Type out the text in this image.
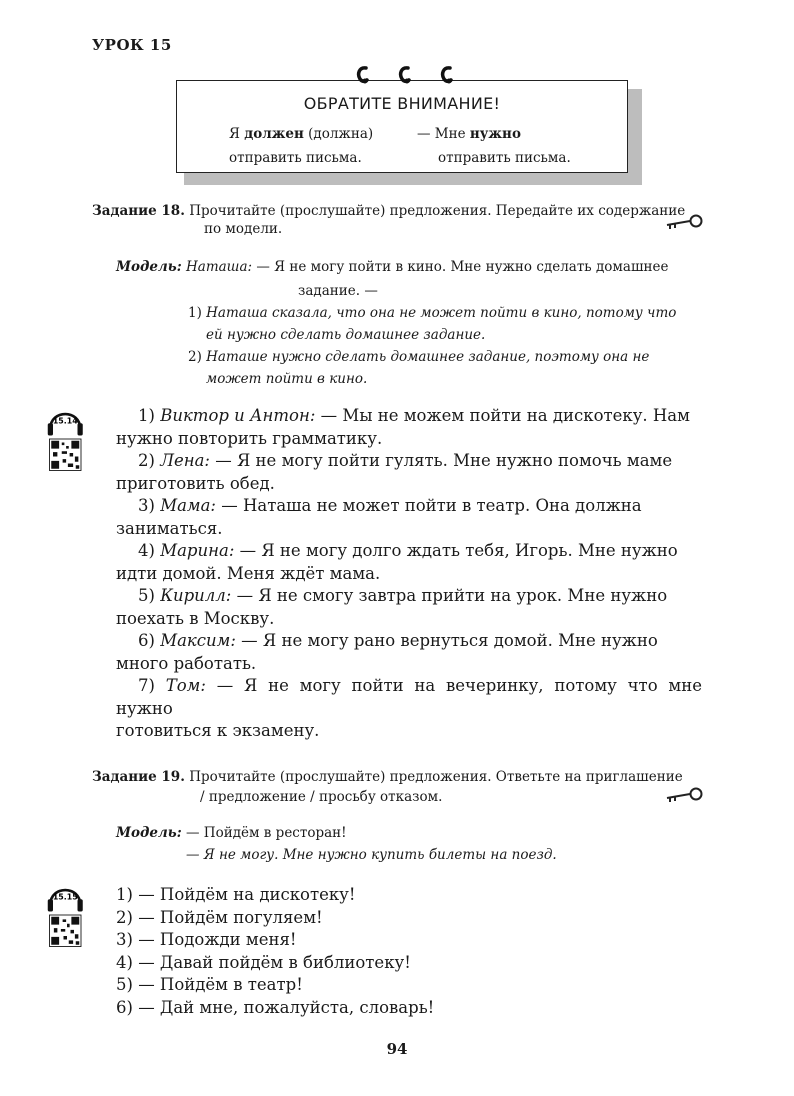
УРОК 15
ОБРАТИТЕ ВНИМАНИЕ!
Я должен (должна)
отправить письма.
— Мне нужно
отправить письма.
Задание 18. Прочитайте (прослушайте) предложения. Передайте их содержание
по модели.
Модель: Наташа: — Я не могу пойти в кино. Мне нужно сделать домашнее
задание. —
1) Наташа сказала, что она не может пойти в кино, потому что
ей нужно сделать домашнее задание.
2) Наташе нужно сделать домашнее задание, поэтому она не
может пойти в кино.
15.14	1) Виктор и Антон: — Мы не можем пойти на дискотеку. Нам
нужно повторить грамматику.

2) Лена: — Я не могу пойти гулять. Мне нужно помочь маме
приготовить обед.

3) Мама: — Наташа не может пойти в театр. Она должна
заниматься.

4) Марина: — Я не могу долго ждать тебя, Игорь. Мне нужно
идти домой. Меня ждёт мама.

5) Кирилл: — Я не смогу завтра прийти на урок. Мне нужно
поехать в Москву.

6) Максим: — Я не могу рано вернуться домой. Мне нужно
много работать.

7) Том: — Я не могу пойти на вечеринку, потому что мне нужно
готовиться к экзамену.

Задание 19. Прочитайте (прослушайте) предложения. Ответьте на приглашение
/ предложение / просьбу отказом.
Модель: — Пойдём в ресторан!
— Я не могу. Мне нужно купить билеты на поезд.
15.15 1) — Пойдём на дискотеку!
2) — Пойдём погуляем!
3) — Подожди меня!
4) — Давай пойдём в библиотеку!
5) — Пойдём в театр!
6) — Дай мне, пожалуйста, словарь!
94
